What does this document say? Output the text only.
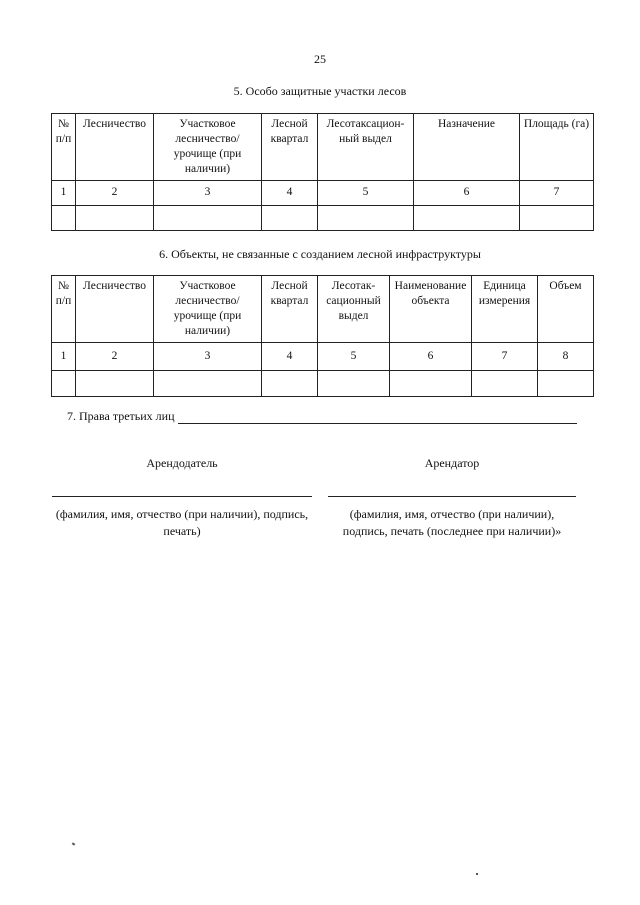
25
5. Особо защитные участки лесов
№ п/п	Лесничество	Участковое лесничество/ урочище (при наличии)	Лесной квартал	Лесотаксацион- ный выдел	Назначение	Площадь (га)
1	2	3	4	5	6	7

6. Объекты, не связанные с созданием лесной инфраструктуры
№ п/п	Лесничество	Участковое лесничество/ урочище (при наличии)	Лесной квартал	Лесотак- сационный выдел	Наименование объекта	Единица измерения	Объем
1	2	3	4	5	6	7	8

7. Права третьих лиц
Арендодатель
(фамилия, имя, отчество (при наличии), подпись, печать)
Арендатор
(фамилия, имя, отчество (при наличии), подпись, печать (последнее при наличии)»
